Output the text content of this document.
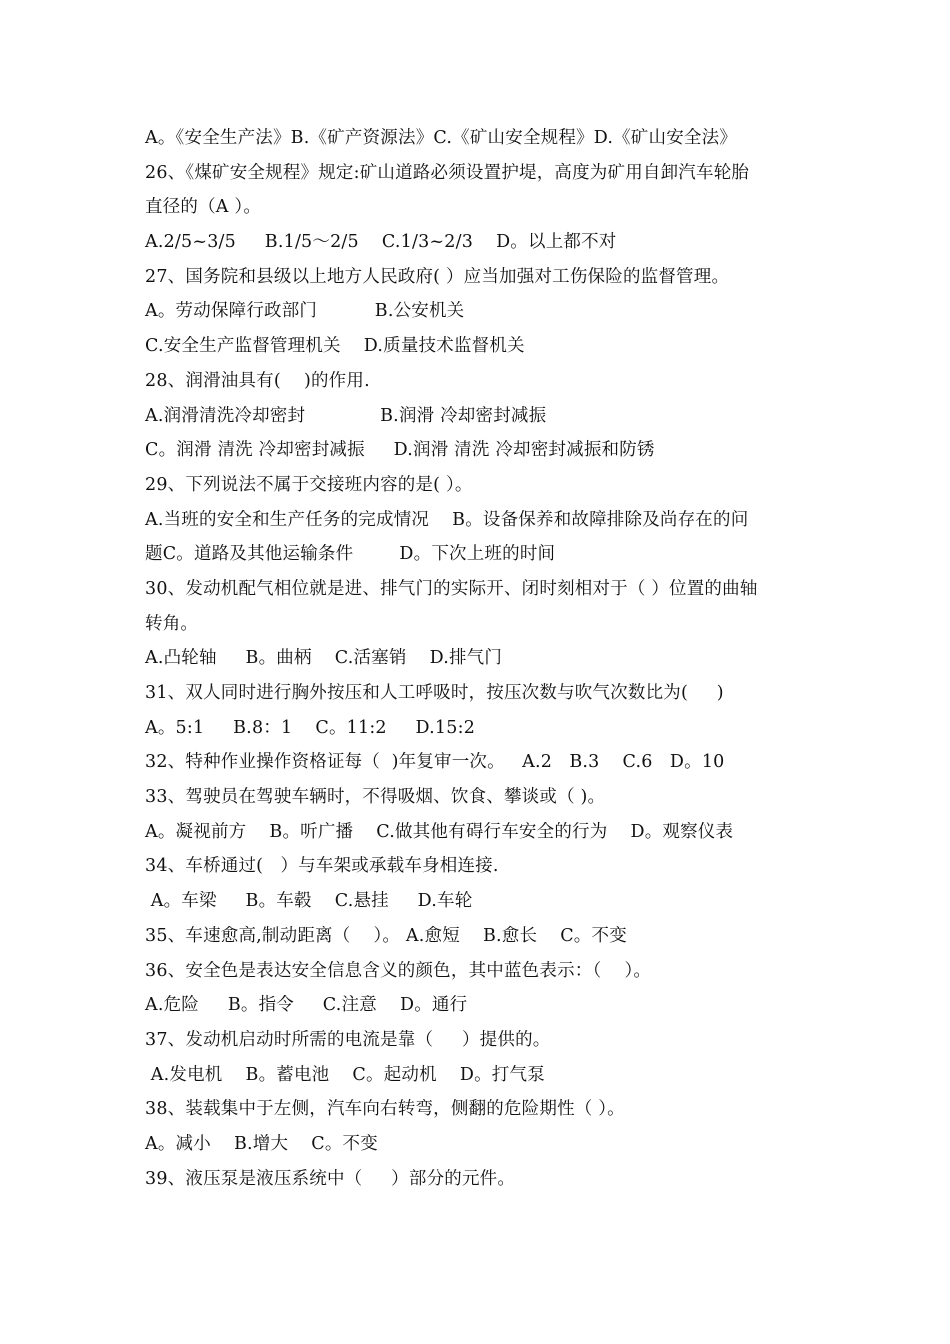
A。《安全生产法》B.《矿产资源法》C.《矿山安全规程》D.《矿山安全法》
26、《煤矿安全规程》规定:矿山道路必须设置护堤，高度为矿用自卸汽车轮胎
直径的（A ）。
A.2/5~3/5     B.1/5～2/5    C.1/3~2/3    D。以上都不对
27、国务院和县级以上地方人民政府( ）应当加强对工伤保险的监督管理。
A。劳动保障行政部门          B.公安机关
C.安全生产监督管理机关    D.质量技术监督机关
28、润滑油具有(    )的作用.
A.润滑清洗冷却密封             B.润滑 冷却密封减振
C。润滑 清洗 冷却密封减振     D.润滑 清洗 冷却密封减振和防锈
29、下列说法不属于交接班内容的是( ）。
A.当班的安全和生产任务的完成情况    B。设备保养和故障排除及尚存在的问
题C。道路及其他运输条件        D。下次上班的时间
30、发动机配气相位就是进、排气门的实际开、闭时刻相对于（ ）位置的曲轴
转角。
A.凸轮轴     B。曲柄    C.活塞销    D.排气门
31、双人同时进行胸外按压和人工呼吸时，按压次数与吹气次数比为(     )
A。5:1     B.8：1    C。11:2     D.15:2
32、特种作业操作资格证每（  )年复审一次。   A.2   B.3    C.6   D。10
33、驾驶员在驾驶车辆时，不得吸烟、饮食、攀谈或（ )。
A。凝视前方    B。听广播    C.做其他有碍行车安全的行为    D。观察仪表
34、车桥通过(   ）与车架或承载车身相连接.
A。车梁     B。车毂    C.悬挂     D.车轮
35、车速愈高,制动距离（    ）。 A.愈短    B.愈长    C。不变
36、安全色是表达安全信息含义的颜色，其中蓝色表示：（    ）。
A.危险     B。指令     C.注意    D。通行
37、发动机启动时所需的电流是靠（     ）提供的。
A.发电机    B。蓄电池    C。起动机    D。打气泵
38、装载集中于左侧，汽车向右转弯，侧翻的危险期性（ ）。
A。减小    B.增大    C。不变
39、液压泵是液压系统中（     ）部分的元件。
